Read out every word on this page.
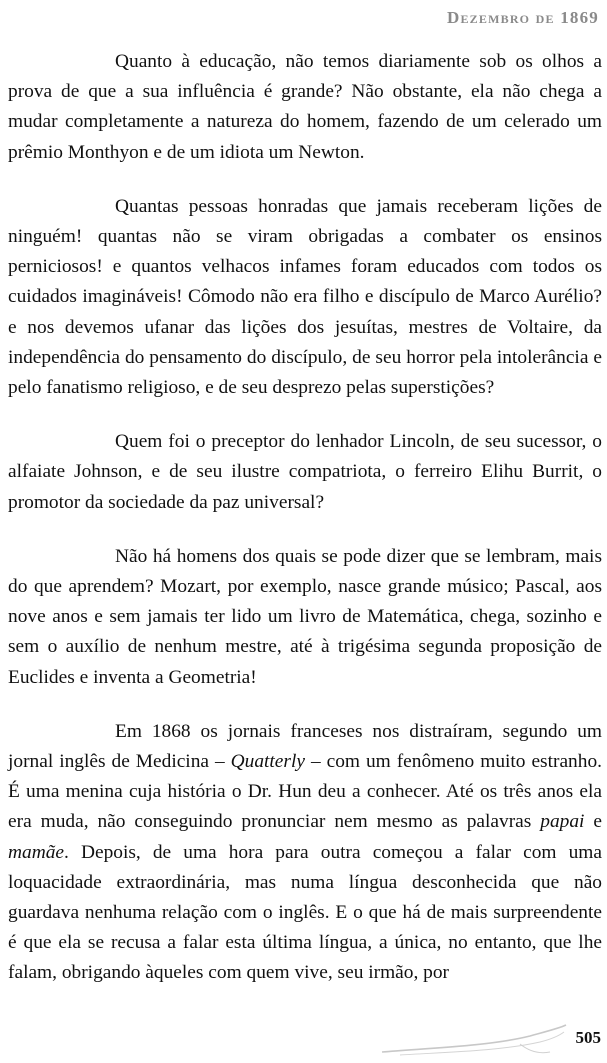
Dezembro de 1869

Quanto à educação, não temos diariamente sob os olhos a prova de que a sua influência é grande? Não obstante, ela não chega a mudar completamente a natureza do homem, fazendo de um celerado um prêmio Monthyon e de um idiota um Newton.

Quantas pessoas honradas que jamais receberam lições de ninguém! quantas não se viram obrigadas a combater os ensinos perniciosos! e quantos velhacos infames foram educados com todos os cuidados imagináveis! Cômodo não era filho e discípulo de Marco Aurélio? e nos devemos ufanar das lições dos jesuítas, mestres de Voltaire, da independência do pensamento do discípulo, de seu horror pela intolerância e pelo fanatismo religioso, e de seu desprezo pelas superstições?

Quem foi o preceptor do lenhador Lincoln, de seu sucessor, o alfaiate Johnson, e de seu ilustre compatriota, o ferreiro Elihu Burrit, o promotor da sociedade da paz universal?

Não há homens dos quais se pode dizer que se lembram, mais do que aprendem? Mozart, por exemplo, nasce grande músico; Pascal, aos nove anos e sem jamais ter lido um livro de Matemática, chega, sozinho e sem o auxílio de nenhum mestre, até à trigésima segunda proposição de Euclides e inventa a Geometria!

Em 1868 os jornais franceses nos distraíram, segundo um jornal inglês de Medicina – Quatterly – com um fenômeno muito estranho. É uma menina cuja história o Dr. Hun deu a conhecer. Até os três anos ela era muda, não conseguindo pronunciar nem mesmo as palavras papai e mamãe. Depois, de uma hora para outra começou a falar com uma loquacidade extraordinária, mas numa língua desconhecida que não guardava nenhuma relação com o inglês. E o que há de mais surpreendente é que ela se recusa a falar esta última língua, a única, no entanto, que lhe falam, obrigando àqueles com quem vive, seu irmão, por

505
